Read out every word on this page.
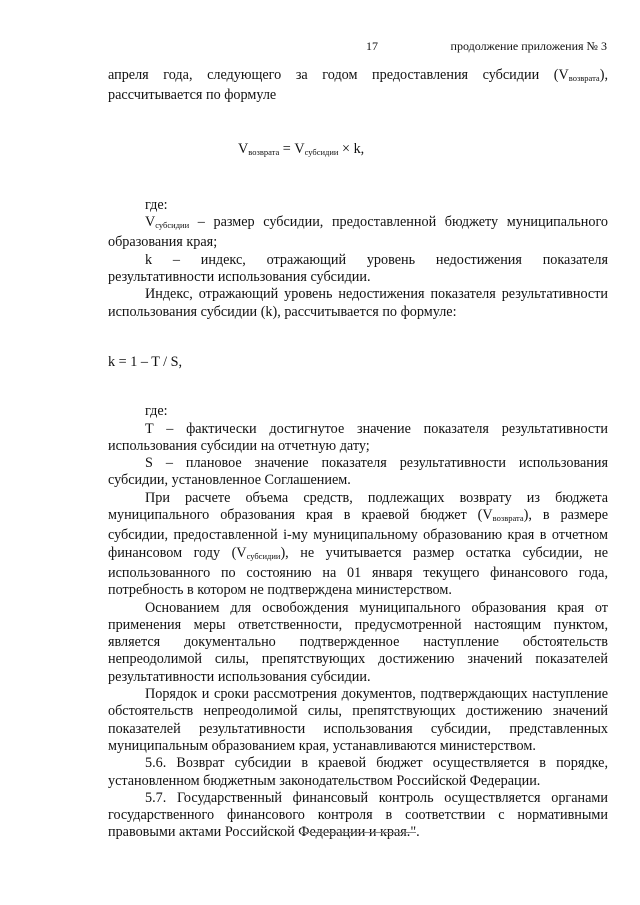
17	продолжение приложения № 3

апреля года, следующего за годом предоставления субсидии $(V_{возврата})$, рассчитывается по формуле

$V_{возврата} = V_{субсидии} \times k$,

где:

$V_{субсидии}$ – размер субсидии, предоставленной бюджету муниципального образования края;

k – индекс, отражающий уровень недостижения показателя результативности использования субсидии.

Индекс, отражающий уровень недостижения показателя результативности использования субсидии (k), рассчитывается по формуле:

k = 1 – T / S,

где:

T – фактически достигнутое значение показателя результативности использования субсидии на отчетную дату;

S – плановое значение показателя результативности использования субсидии, установленное Соглашением.

При расчете объема средств, подлежащих возврату из бюджета муниципального образования края в краевой бюджет $(V_{возврата})$, в размере субсидии, предоставленной i-му муниципальному образованию края в отчетном финансовом году $(V_{субсидии})$, не учитывается размер остатка субсидии, не использованного по состоянию на 01 января текущего финансового года, потребность в котором не подтверждена министерством.

Основанием для освобождения муниципального образования края от применения меры ответственности, предусмотренной настоящим пунктом, является документально подтвержденное наступление обстоятельств непреодолимой силы, препятствующих достижению значений показателей результативности использования субсидии.

Порядок и сроки рассмотрения документов, подтверждающих наступление обстоятельств непреодолимой силы, препятствующих достижению значений показателей результативности использования субсидии, представленных муниципальным образованием края, устанавливаются министерством.

5.6. Возврат субсидии в краевой бюджет осуществляется в порядке, установленном бюджетным законодательством Российской Федерации.

5.7. Государственный финансовый контроль осуществляется органами государственного финансового контроля в соответствии с нормативными правовыми актами Российской Федерации и края.".
